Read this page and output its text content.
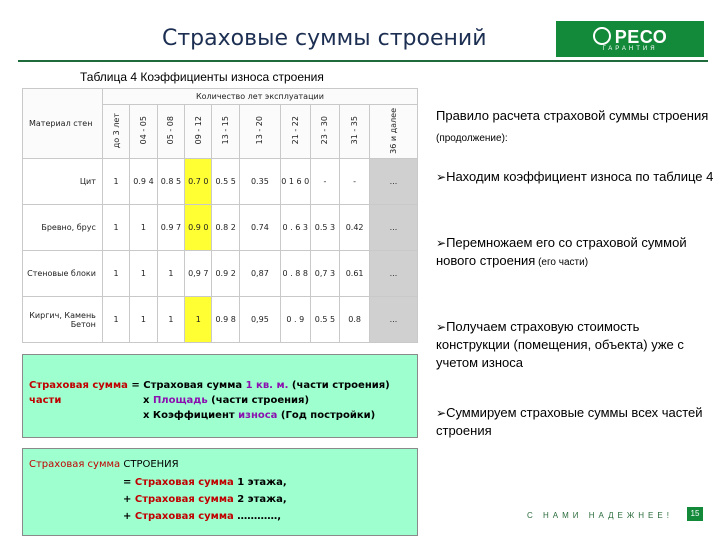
Страховые суммы строений	РЕСО
ГАРАНТИЯ
Таблица 4 Коэффициенты износа строения
Материал стен	Количество лет эксплуатации									
	до 3 лет	04 - 05	05 - 08	09 - 12	13 - 15	13 - 20	21 - 22	23 - 30	31 - 35	36 и далее
Цит	1	0.9 4	0.8 5	0.7 0	0.5 5	0.35	0 1 6 0	-	-	...
Бревно, брус	1	1	0.9 7	0.9 0	0.8 2	0.74	0 . 6 3	0.5 3	0.42	...
Стеновые блоки	1	1	1	0,9 7	0.9 2	0,87	0 . 8 8	0,7 3	0.61	...
Киргич, Камень Бетон	1	1	1	1	0.9 8	0,95	0 . 9	0.5 5	0.8	...
Страховая сумма = Страховая сумма 1 кв. м. (части строения)
части	х Площадь (части строения)
х Коэффициент износа (Год постройки)
Страховая сумма СТРОЕНИЯ
= Страховая сумма 1 этажа,
+ Страховая сумма 2 этажа,
+ Страховая сумма …………,
Правило расчета страховой суммы строения (продолжение):
➢Находим коэффициент износа по таблице 4
➢Перемножаем его со страховой суммой нового строения (его части)
➢Получаем страховую стоимость конструкции (помещения, объекта) уже с учетом износа
➢Суммируем страховые суммы всех частей строения
С НАМИ НАДЕЖНЕЕ!	15
